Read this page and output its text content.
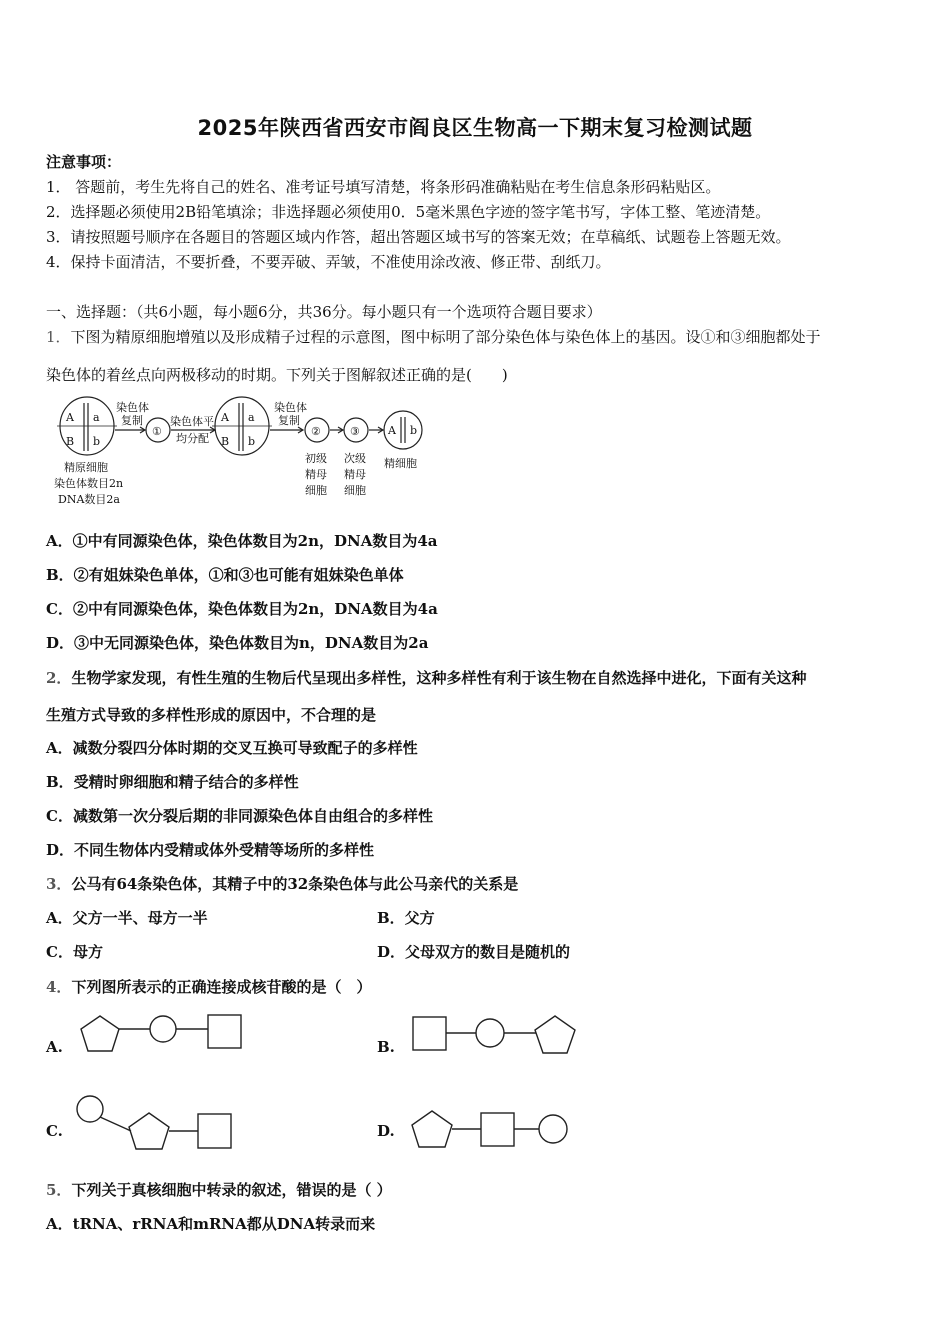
2025年陕西省西安市阎良区生物高一下期末复习检测试题
注意事项：
1． 答题前，考生先将自己的姓名、准考证号填写清楚，将条形码准确粘贴在考生信息条形码粘贴区。
2．选择题必须使用2B铅笔填涂；非选择题必须使用0．5毫米黑色字迹的签字笔书写，字体工整、笔迹清楚。
3．请按照题号顺序在各题目的答题区域内作答，超出答题区域书写的答案无效；在草稿纸、试题卷上答题无效。
4．保持卡面清洁，不要折叠，不要弄破、弄皱，不准使用涂改液、修正带、刮纸刀。
一、选择题：（共6小题，每小题6分，共36分。每小题只有一个选项符合题目要求）
1．下图为精原细胞增殖以及形成精子过程的示意图，图中标明了部分染色体与染色体上的基因。设①和③细胞都处于
染色体的着丝点向两极移动的时期。下列关于图解叙述正确的是(　　)
A a
B b
染色体
复制
①
染色体平
均分配
A a
B b
染色体
复制
②	③	A b
初级
精母
细胞
次级
精母
细胞
精细胞
精原细胞
染色体数目2n
DNA数目2a
A．①中有同源染色体，染色体数目为2n，DNA数目为4a
B．②有姐妹染色单体，①和③也可能有姐妹染色单体
C．②中有同源染色体，染色体数目为2n，DNA数目为4a
D．③中无同源染色体，染色体数目为n，DNA数目为2a
2．生物学家发现，有性生殖的生物后代呈现出多样性，这种多样性有利于该生物在自然选择中进化，下面有关这种
生殖方式导致的多样性形成的原因中，不合理的是
A．减数分裂四分体时期的交叉互换可导致配子的多样性
B．受精时卵细胞和精子结合的多样性
C．减数第一次分裂后期的非同源染色体自由组合的多样性
D．不同生物体内受精或体外受精等场所的多样性
3．公马有64条染色体，其精子中的32条染色体与此公马亲代的关系是
A．父方一半、母方一半	B．父方
C．母方	D．父母双方的数目是随机的
4．下列图所表示的正确连接成核苷酸的是（　）
A.	B.
C.	D.
5．下列关于真核细胞中转录的叙述，错误的是（ ）
A．tRNA、rRNA和mRNA都从DNA转录而来
